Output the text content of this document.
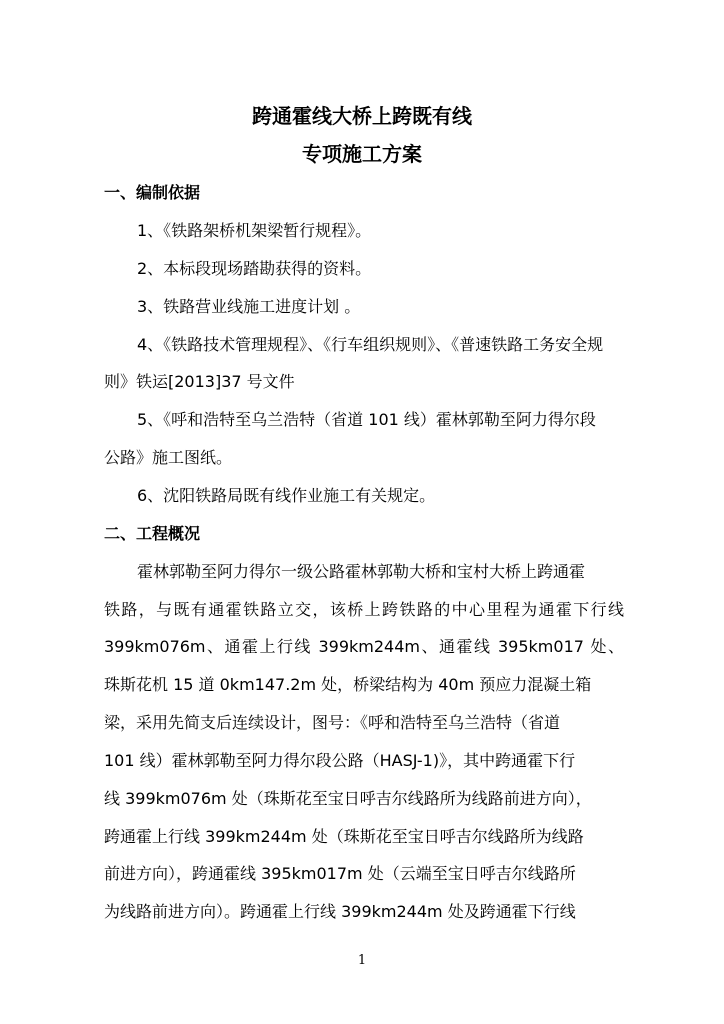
跨通霍线大桥上跨既有线
专项施工方案
一、编制依据
1、《铁路架桥机架梁暂行规程》。
2、本标段现场踏勘获得的资料。
3、铁路营业线施工进度计划 。
4、《铁路技术管理规程》、《行车组织规则》、《普速铁路工务安全规
则》铁运[2013]37 号文件
5、《呼和浩特至乌兰浩特（省道 101 线）霍林郭勒至阿力得尔段
公路》施工图纸。
6、沈阳铁路局既有线作业施工有关规定。
二、工程概况
霍林郭勒至阿力得尔一级公路霍林郭勒大桥和宝村大桥上跨通霍
铁路，与既有通霍铁路立交，该桥上跨铁路的中心里程为通霍下行线
399km076m、通霍上行线 399km244m、通霍线 395km017 处、
珠斯花机 15 道 0km147.2m 处，桥梁结构为 40m 预应力混凝土箱
梁，采用先简支后连续设计，图号：《呼和浩特至乌兰浩特（省道
101 线）霍林郭勒至阿力得尔段公路（HASJ-1)》，其中跨通霍下行
线 399km076m 处（珠斯花至宝日呼吉尔线路所为线路前进方向），
跨通霍上行线 399km244m 处（珠斯花至宝日呼吉尔线路所为线路
前进方向），跨通霍线 395km017m 处（云端至宝日呼吉尔线路所
为线路前进方向）。跨通霍上行线 399km244m 处及跨通霍下行线
1
